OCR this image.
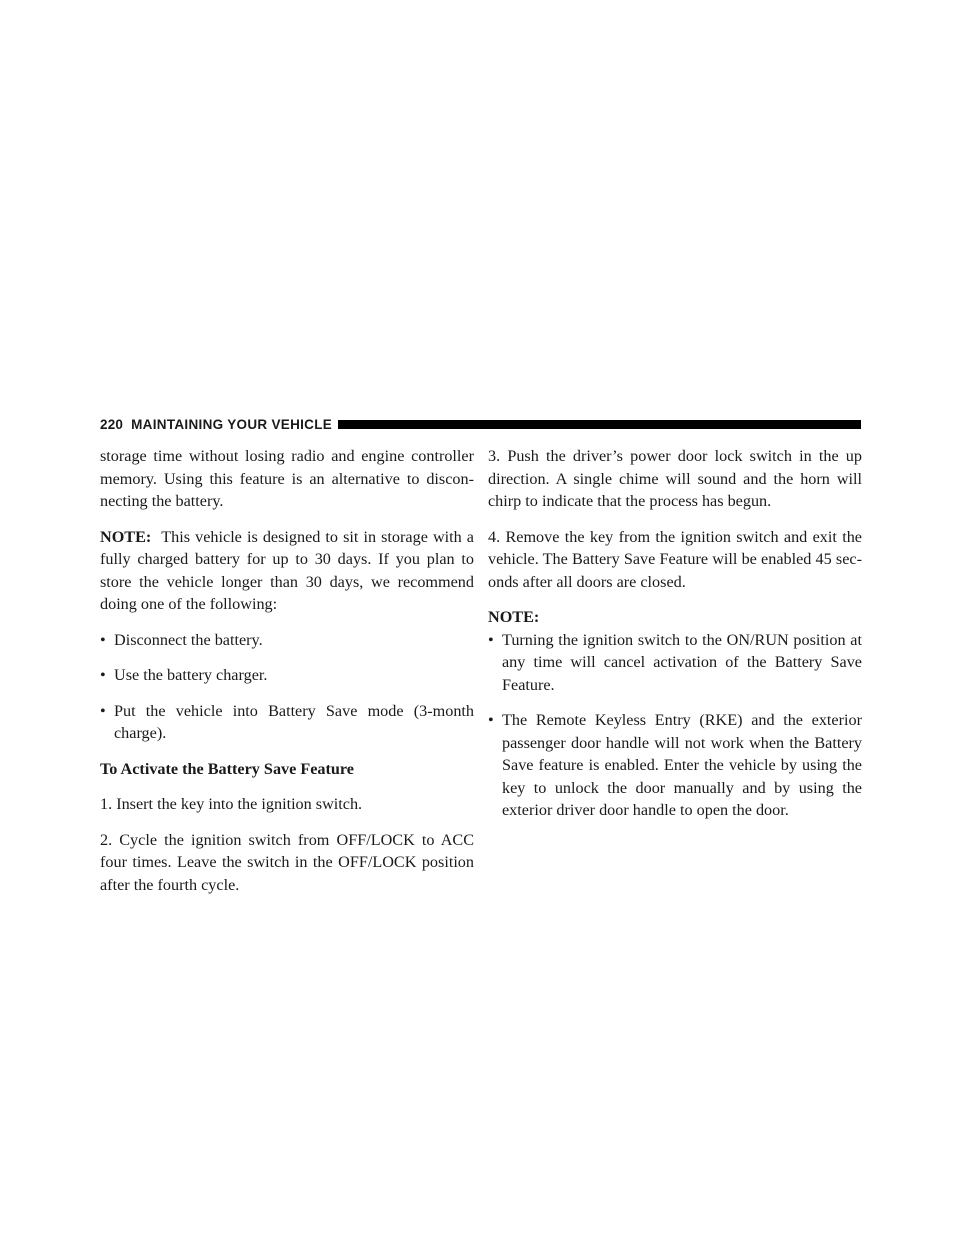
220 MAINTAINING YOUR VEHICLE

storage time without losing radio and engine controller memory. Using this feature is an alternative to discon-necting the battery.

NOTE: This vehicle is designed to sit in storage with a fully charged battery for up to 30 days. If you plan to store the vehicle longer than 30 days, we recommend doing one of the following:

• Disconnect the battery.
• Use the battery charger.
• Put the vehicle into Battery Save mode (3-month charge).

To Activate the Battery Save Feature

1. Insert the key into the ignition switch.

2. Cycle the ignition switch from OFF/LOCK to ACC four times. Leave the switch in the OFF/LOCK position after the fourth cycle.

3. Push the driver’s power door lock switch in the up direction. A single chime will sound and the horn will chirp to indicate that the process has begun.

4. Remove the key from the ignition switch and exit the vehicle. The Battery Save Feature will be enabled 45 sec-onds after all doors are closed.

NOTE:

• Turning the ignition switch to the ON/RUN position at any time will cancel activation of the Battery Save Feature.
• The Remote Keyless Entry (RKE) and the exterior passenger door handle will not work when the Battery Save feature is enabled. Enter the vehicle by using the key to unlock the door manually and by using the exterior driver door handle to open the door.
